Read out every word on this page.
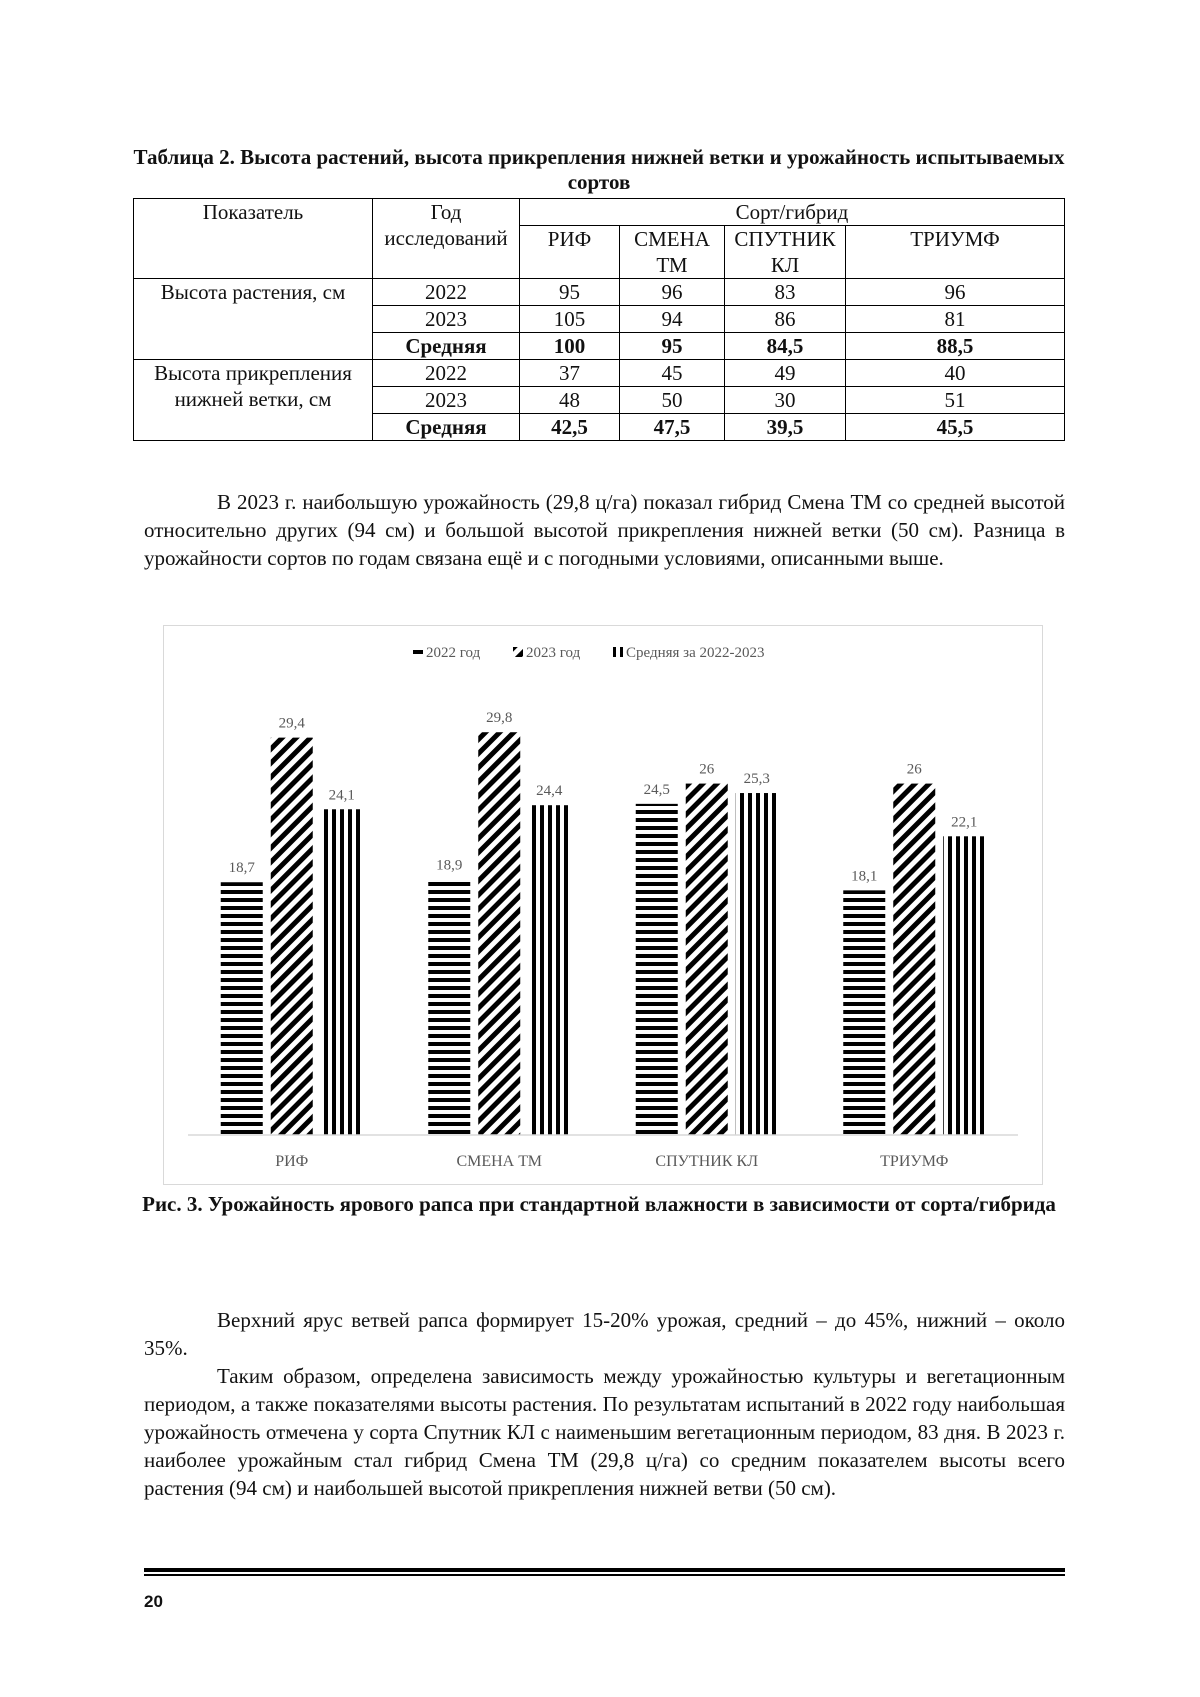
Таблица 2. Высота растений, высота прикрепления нижней ветки и урожайность испытываемых сортов
Показатель	Год исследований	Сорт/гибрид			
		РИФ	СМЕНА ТМ	СПУТНИК КЛ	ТРИУМФ
Высота растения, см	2022	95	96	83	96
	2023	105	94	86	81
	Средняя	100	95	84,5	88,5
Высота прикрепления нижней ветки, см	2022	37	45	49	40
	2023	48	50	30	51
	Средняя	42,5	47,5	39,5	45,5

В 2023 г. наибольшую урожайность (29,8 ц/га) показал гибрид Смена ТМ со средней высотой относительно других (94 см) и большой высотой прикрепления нижней ветки (50 см). Разница в урожайности сортов по годам связана ещё и с погодными условиями, описанными выше.

2022 год	2023 год	Средняя за 2022-2023
18,7
29,4
24,1
18,9
29,8
24,4	24,5
26
25,3
18,1
26
22,1
РИФ	СМЕНА ТМ	СПУТНИК КЛ	ТРИУМФ
Рис. 3. Урожайность ярового рапса при стандартной влажности в зависимости от сорта/гибрида

Верхний ярус ветвей рапса формирует 15-20% урожая, средний – до 45%, нижний – около 35%.

Таким образом, определена зависимость между урожайностью культуры и вегетационным периодом, а также показателями высоты растения. По результатам испытаний в 2022 году наибольшая урожайность отмечена у сорта Спутник КЛ с наименьшим вегетационным периодом, 83 дня. В 2023 г. наиболее урожайным стал гибрид Смена ТМ (29,8 ц/га) со средним показателем высоты всего растения (94 см) и наибольшей высотой прикрепления нижней ветви (50 см).

20
